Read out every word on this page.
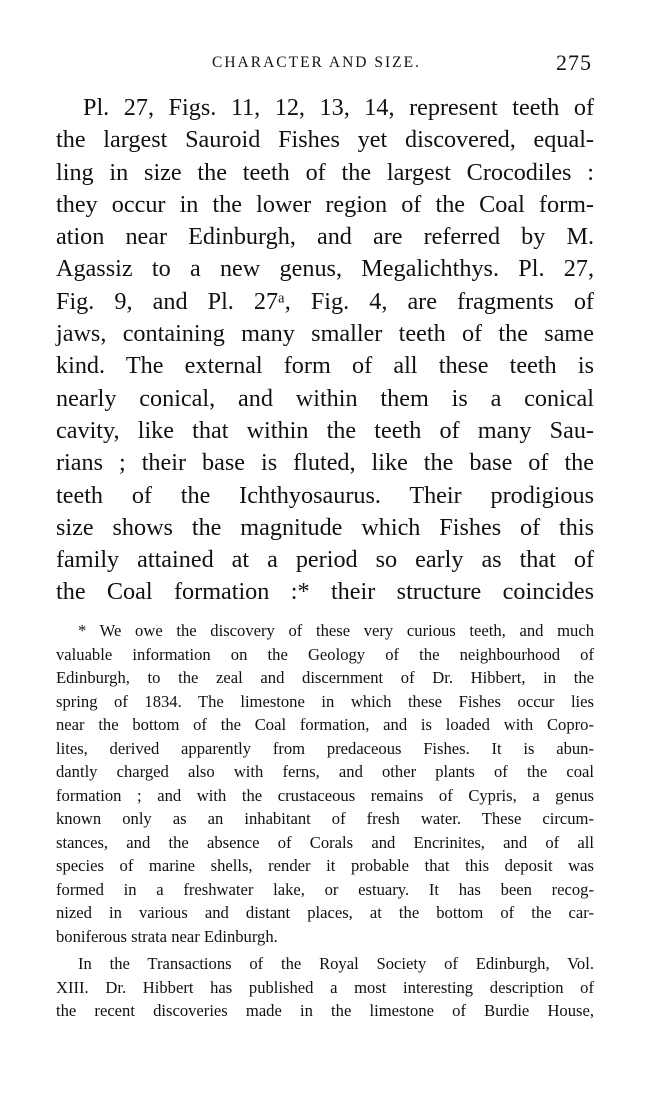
CHARACTER AND SIZE.	275
Pl. 27, Figs. 11, 12, 13, 14, represent teeth of
the largest Sauroid Fishes yet discovered, equal-
ling in size the teeth of the largest Crocodiles :
they occur in the lower region of the Coal form-
ation near Edinburgh, and are referred by M.
Agassiz to a new genus, Megalichthys. Pl. 27,
Fig. 9, and Pl. 27ᵃ, Fig. 4, are fragments of
jaws, containing many smaller teeth of the same
kind. The external form of all these teeth is
nearly conical, and within them is a conical
cavity, like that within the teeth of many Sau-
rians ; their base is fluted, like the base of the
teeth of the Ichthyosaurus. Their prodigious
size shows the magnitude which Fishes of this
family attained at a period so early as that of
the Coal formation :* their structure coincides
* We owe the discovery of these very curious teeth, and much
valuable information on the Geology of the neighbourhood of
Edinburgh, to the zeal and discernment of Dr. Hibbert, in the
spring of 1834. The limestone in which these Fishes occur lies
near the bottom of the Coal formation, and is loaded with Copro-
lites, derived apparently from predaceous Fishes. It is abun-
dantly charged also with ferns, and other plants of the coal
formation ; and with the crustaceous remains of Cypris, a genus
known only as an inhabitant of fresh water. These circum-
stances, and the absence of Corals and Encrinites, and of all
species of marine shells, render it probable that this deposit was
formed in a freshwater lake, or estuary. It has been recog-
nized in various and distant places, at the bottom of the car-
boniferous strata near Edinburgh.
In the Transactions of the Royal Society of Edinburgh, Vol.
XIII. Dr. Hibbert has published a most interesting description of
the recent discoveries made in the limestone of Burdie House,
